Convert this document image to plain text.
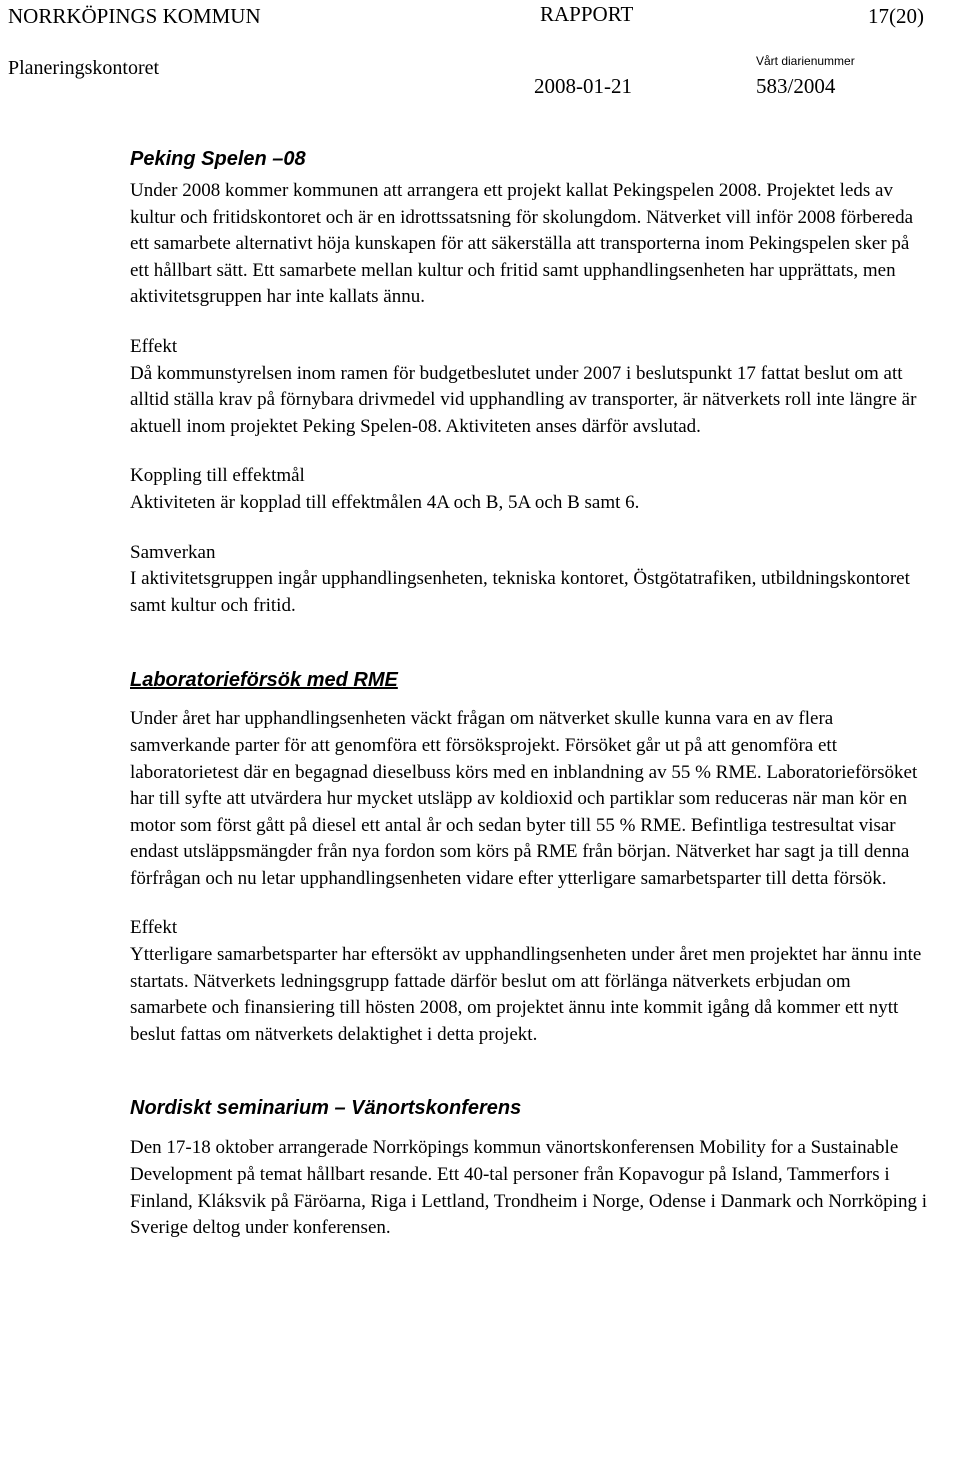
NORRKÖPINGS KOMMUN	RAPPORT	17(20)
Planeringskontoret	Vårt diarienummer
2008-01-21	583/2004
Peking Spelen –08

Under 2008 kommer kommunen att arrangera ett projekt kallat Pekingspelen 2008. Projektet leds av kultur och fritidskontoret och är en idrottssatsning för skolungdom. Nätverket vill inför 2008 förbereda ett samarbete alternativt höja kunskapen för att säkerställa att transporterna inom Pekingspelen sker på ett hållbart sätt. Ett samarbete mellan kultur och fritid samt upphandlingsenheten har upprättats, men aktivitetsgruppen har inte kallats ännu.

Effekt

Då kommunstyrelsen inom ramen för budgetbeslutet under 2007 i beslutspunkt 17 fattat beslut om att alltid ställa krav på förnybara drivmedel vid upphandling av transporter, är nätverkets roll inte längre är aktuell inom projektet Peking Spelen-08. Aktiviteten anses därför avslutad.

Koppling till effektmål

Aktiviteten är kopplad till effektmålen 4A och B, 5A och B samt 6.

Samverkan

I aktivitetsgruppen ingår upphandlingsenheten, tekniska kontoret, Östgötatrafiken, utbildningskontoret samt kultur och fritid.

Laboratorieförsök med RME

Under året har upphandlingsenheten väckt frågan om nätverket skulle kunna vara en av flera samverkande parter för att genomföra ett försöksprojekt. Försöket går ut på att genomföra ett laboratorietest där en begagnad dieselbuss körs med en inblandning av 55 % RME. Laboratorieförsöket har till syfte att utvärdera hur mycket utsläpp av koldioxid och partiklar som reduceras när man kör en motor som först gått på diesel ett antal år och sedan byter till 55 % RME. Befintliga testresultat visar endast utsläppsmängder från nya fordon som körs på RME från början. Nätverket har sagt ja till denna förfrågan och nu letar upphandlingsenheten vidare efter ytterligare samarbetsparter till detta försök.

Effekt

Ytterligare samarbetsparter har eftersökt av upphandlingsenheten under året men projektet har ännu inte startats. Nätverkets ledningsgrupp fattade därför beslut om att förlänga nätverkets erbjudan om samarbete och finansiering till hösten 2008, om projektet ännu inte kommit igång då kommer ett nytt beslut fattas om nätverkets delaktighet i detta projekt.

Nordiskt seminarium – Vänortskonferens

Den 17-18 oktober arrangerade Norrköpings kommun vänortskonferensen Mobility for a Sustainable Development på temat hållbart resande. Ett 40-tal personer från Kopavogur på Island, Tammerfors i Finland, Kláksvik på Färöarna, Riga i Lettland, Trondheim i Norge, Odense i Danmark och Norrköping i Sverige deltog under konferensen.
